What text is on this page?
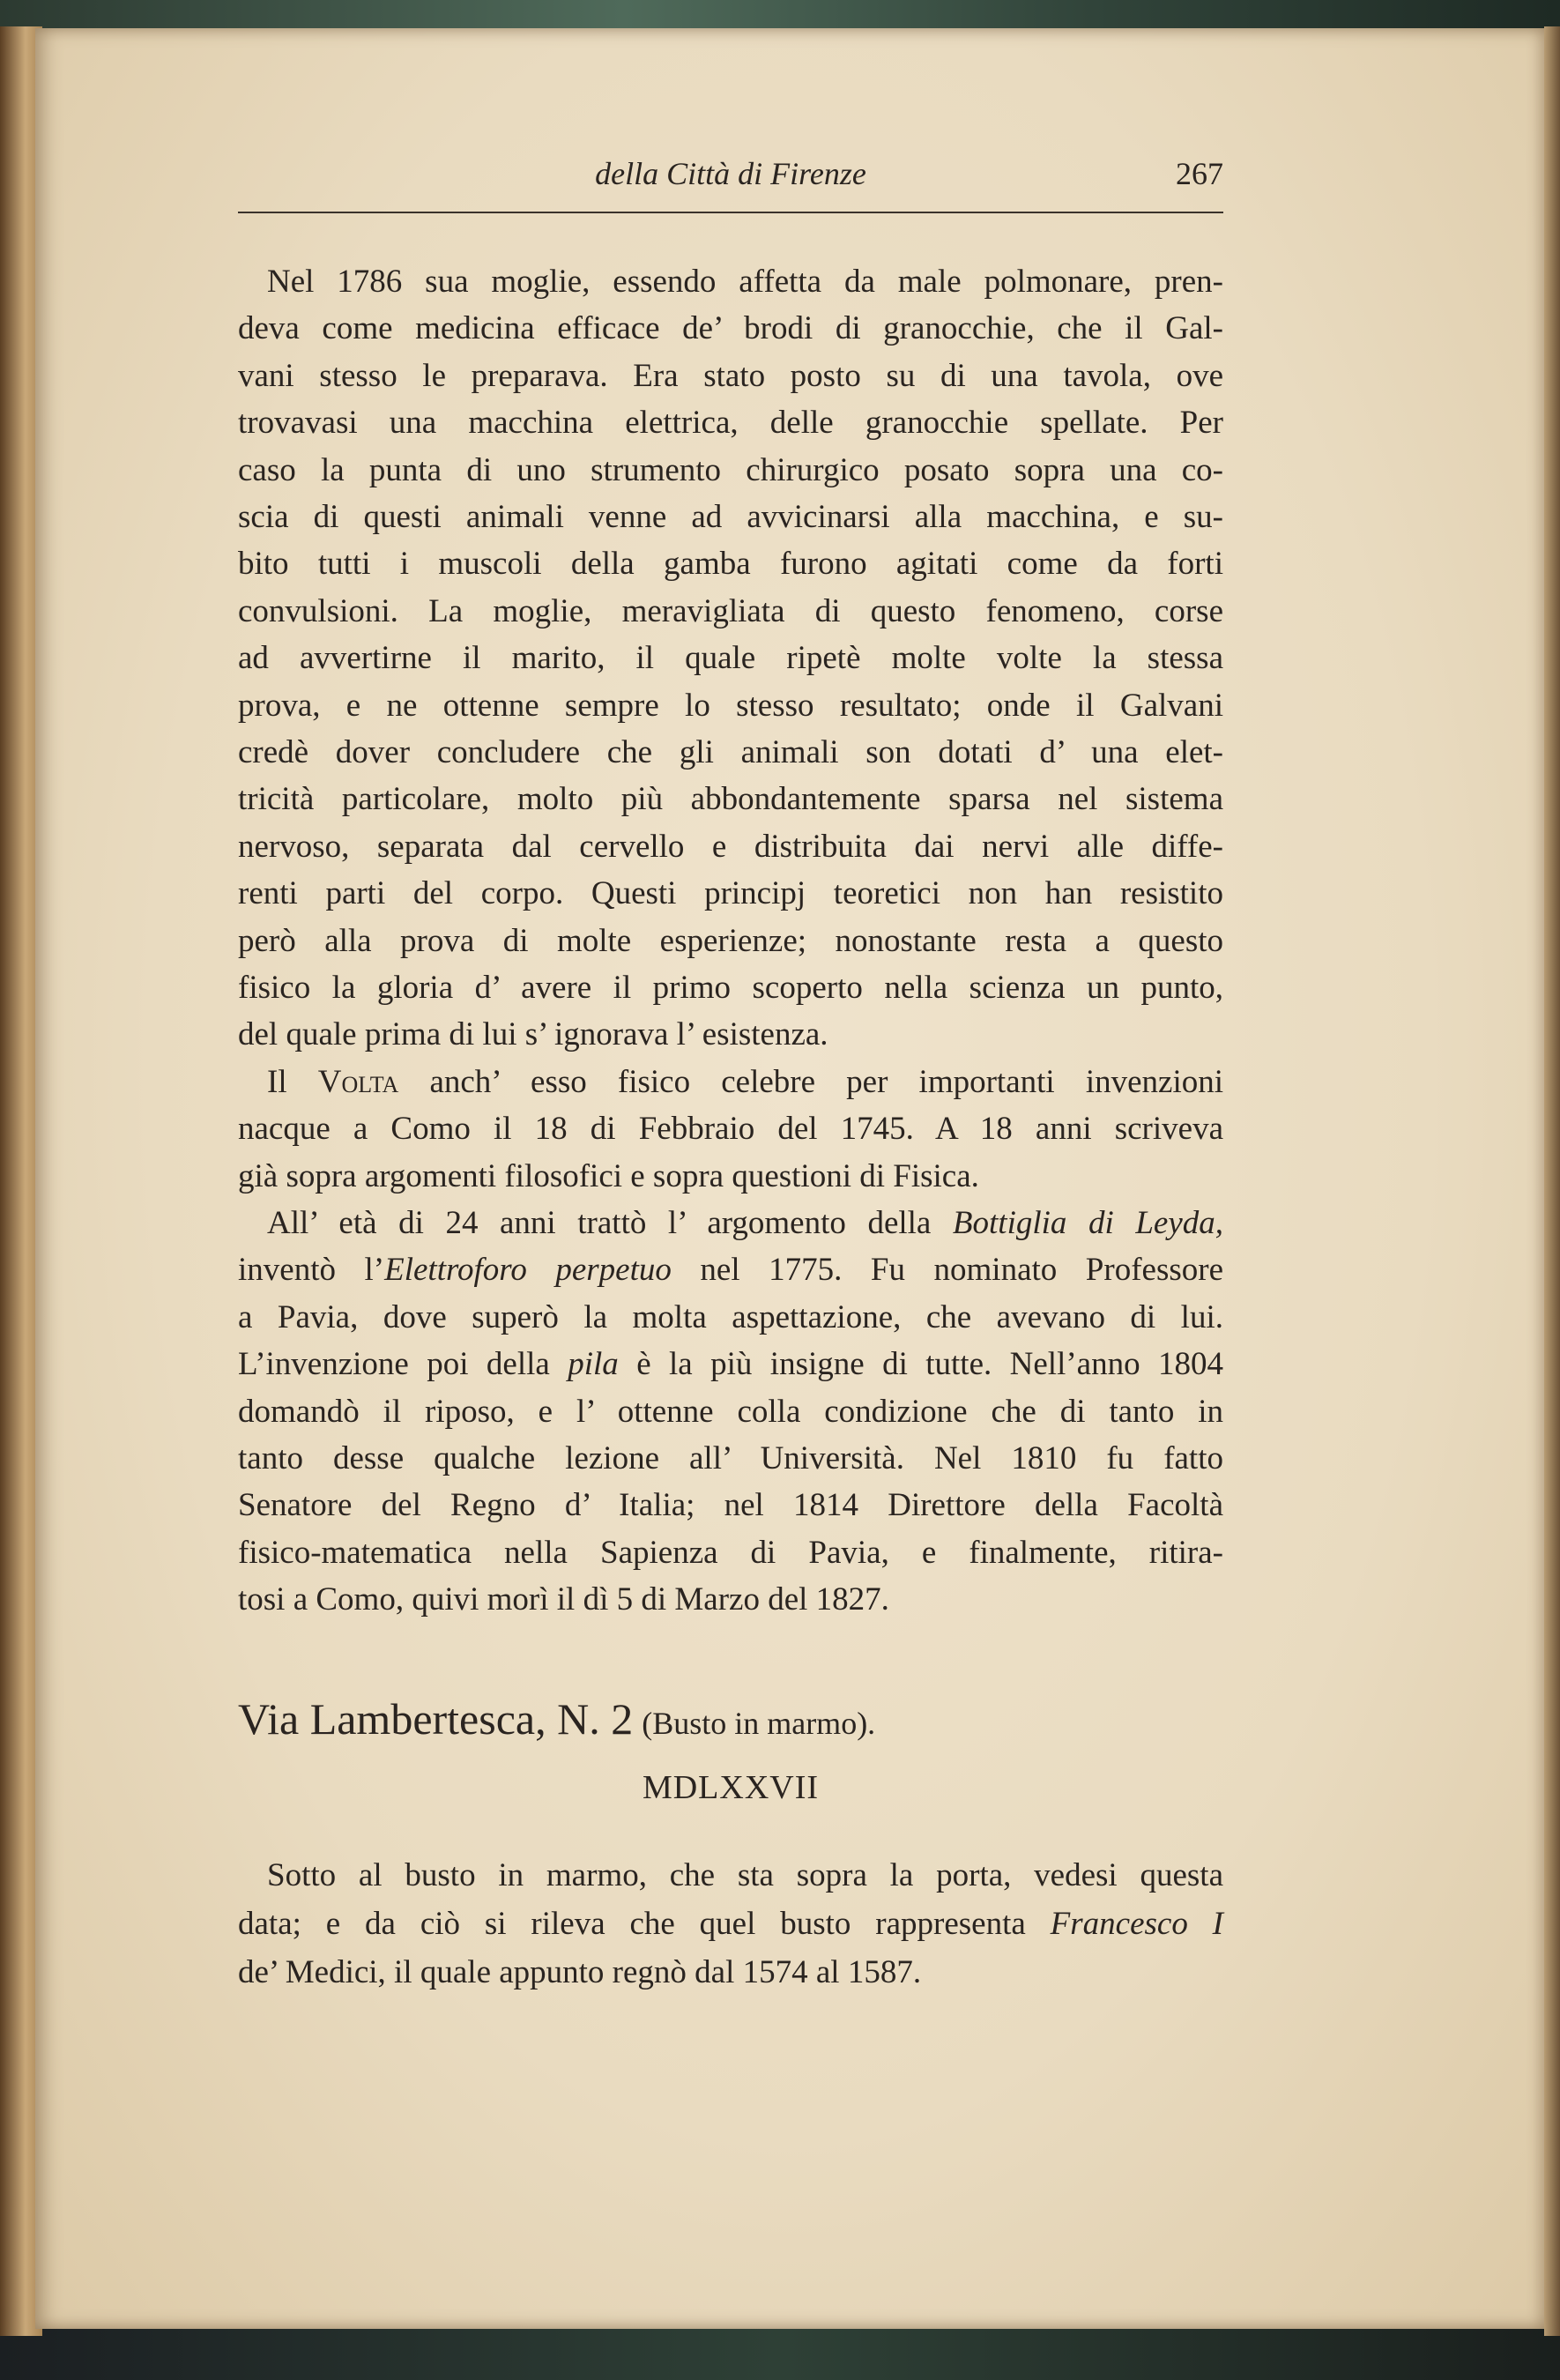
della Città di Firenze	267
Nel 1786 sua moglie, essendo affetta da male polmonare, pren-
deva come medicina efficace de’ brodi di granocchie, che il Gal-
vani stesso le preparava. Era stato posto su di una tavola, ove
trovavasi una macchina elettrica, delle granocchie spellate. Per
caso la punta di uno strumento chirurgico posato sopra una co-
scia di questi animali venne ad avvicinarsi alla macchina, e su-
bito tutti i muscoli della gamba furono agitati come da forti
convulsioni. La moglie, meravigliata di questo fenomeno, corse
ad avvertirne il marito, il quale ripetè molte volte la stessa
prova, e ne ottenne sempre lo stesso resultato; onde il Galvani
credè dover concludere che gli animali son dotati d’ una elet-
tricità particolare, molto più abbondantemente sparsa nel sistema
nervoso, separata dal cervello e distribuita dai nervi alle diffe-
renti parti del corpo. Questi principj teoretici non han resistito
però alla prova di molte esperienze; nonostante resta a questo
fisico la gloria d’ avere il primo scoperto nella scienza un punto,
del quale prima di lui s’ ignorava l’ esistenza.
Il Volta anch’ esso fisico celebre per importanti invenzioni
nacque a Como il 18 di Febbraio del 1745. A 18 anni scriveva
già sopra argomenti filosofici e sopra questioni di Fisica.
All’ età di 24 anni trattò l’ argomento della Bottiglia di Leyda,
inventò l’Elettroforo perpetuo nel 1775. Fu nominato Professore
a Pavia, dove superò la molta aspettazione, che avevano di lui.
L’invenzione poi della pila è la più insigne di tutte. Nell’anno 1804
domandò il riposo, e l’ ottenne colla condizione che di tanto in
tanto desse qualche lezione all’ Università. Nel 1810 fu fatto
Senatore del Regno d’ Italia; nel 1814 Direttore della Facoltà
fisico-matematica nella Sapienza di Pavia, e finalmente, ritira-
tosi a Como, quivi morì il dì 5 di Marzo del 1827.
Via Lambertesca, N. 2 (Busto in marmo).
MDLXXVII
Sotto al busto in marmo, che sta sopra la porta, vedesi questa
data; e da ciò si rileva che quel busto rappresenta Francesco I
de’ Medici, il quale appunto regnò dal 1574 al 1587.
